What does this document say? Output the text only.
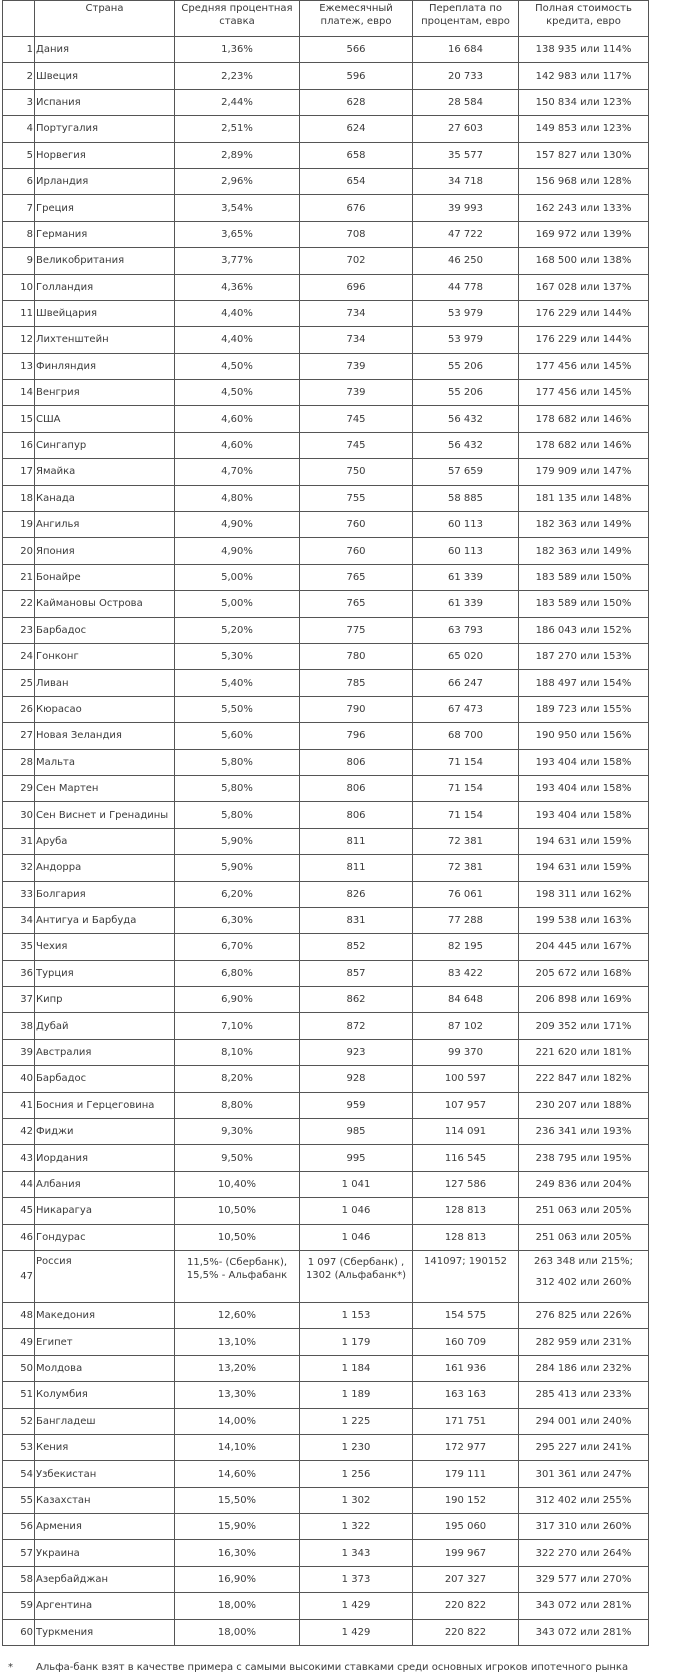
	Страна	Средняя процентная ставка	Ежемесячный платеж, евро	Переплата по процентам, евро	Полная стоимость кредита, евро
1	Дания	1,36%	566	16 684	138 935 или 114%
2	Швеция	2,23%	596	20 733	142 983 или 117%
3	Испания	2,44%	628	28 584	150 834 или 123%
4	Португалия	2,51%	624	27 603	149 853 или 123%
5	Норвегия	2,89%	658	35 577	157 827 или 130%
6	Ирландия	2,96%	654	34 718	156 968 или 128%
7	Греция	3,54%	676	39 993	162 243 или 133%
8	Германия	3,65%	708	47 722	169 972 или 139%
9	Великобритания	3,77%	702	46 250	168 500 или 138%
10	Голландия	4,36%	696	44 778	167 028 или 137%
11	Швейцария	4,40%	734	53 979	176 229 или 144%
12	Лихтенштейн	4,40%	734	53 979	176 229 или 144%
13	Финляндия	4,50%	739	55 206	177 456 или 145%
14	Венгрия	4,50%	739	55 206	177 456 или 145%
15	США	4,60%	745	56 432	178 682 или 146%
16	Сингапур	4,60%	745	56 432	178 682 или 146%
17	Ямайка	4,70%	750	57 659	179 909 или 147%
18	Канада	4,80%	755	58 885	181 135 или 148%
19	Ангилья	4,90%	760	60 113	182 363 или 149%
20	Япония	4,90%	760	60 113	182 363 или 149%
21	Бонайре	5,00%	765	61 339	183 589 или 150%
22	Каймановы Острова	5,00%	765	61 339	183 589 или 150%
23	Барбадос	5,20%	775	63 793	186 043 или 152%
24	Гонконг	5,30%	780	65 020	187 270 или 153%
25	Ливан	5,40%	785	66 247	188 497 или 154%
26	Кюрасао	5,50%	790	67 473	189 723 или 155%
27	Новая Зеландия	5,60%	796	68 700	190 950 или 156%
28	Мальта	5,80%	806	71 154	193 404 или 158%
29	Сен Мартен	5,80%	806	71 154	193 404 или 158%
30	Сен Виснет и Гренадины	5,80%	806	71 154	193 404 или 158%
31	Аруба	5,90%	811	72 381	194 631 или 159%
32	Андорра	5,90%	811	72 381	194 631 или 159%
33	Болгария	6,20%	826	76 061	198 311 или 162%
34	Антигуа и Барбуда	6,30%	831	77 288	199 538 или 163%
35	Чехия	6,70%	852	82 195	204 445 или 167%
36	Турция	6,80%	857	83 422	205 672 или 168%
37	Кипр	6,90%	862	84 648	206 898 или 169%
38	Дубай	7,10%	872	87 102	209 352 или 171%
39	Австралия	8,10%	923	99 370	221 620 или 181%
40	Барбадос	8,20%	928	100 597	222 847 или 182%
41	Босния и Герцеговина	8,80%	959	107 957	230 207 или 188%
42	Фиджи	9,30%	985	114 091	236 341 или 193%
43	Иордания	9,50%	995	116 545	238 795 или 195%
44	Албания	10,40%	1 041	127 586	249 836 или 204%
45	Никарагуа	10,50%	1 046	128 813	251 063 или 205%
46	Гондурас	10,50%	1 046	128 813	251 063 или 205%
47	Россия	11,5%- (Сбербанк), 15,5% - Альфабанк	1 097 (Сбербанк) , 1302 (Альфабанк*)	141097; 190152	263 348 или 215%;
312 402 или 260%

48	Македония	12,60%	1 153	154 575	276 825 или 226%
49	Египет	13,10%	1 179	160 709	282 959 или 231%
50	Молдова	13,20%	1 184	161 936	284 186 или 232%
51	Колумбия	13,30%	1 189	163 163	285 413 или 233%
52	Бангладеш	14,00%	1 225	171 751	294 001 или 240%
53	Кения	14,10%	1 230	172 977	295 227 или 241%
54	Узбекистан	14,60%	1 256	179 111	301 361 или 247%
55	Казахстан	15,50%	1 302	190 152	312 402 или 255%
56	Армения	15,90%	1 322	195 060	317 310 или 260%
57	Украина	16,30%	1 343	199 967	322 270 или 264%
58	Азербайджан	16,90%	1 373	207 327	329 577 или 270%
59	Аргентина	18,00%	1 429	220 822	343 072 или 281%
60	Туркмения	18,00%	1 429	220 822	343 072 или 281%
* Альфа-банк взят в качестве примера с самыми высокими ставками среди основных игроков ипотечного рынка
